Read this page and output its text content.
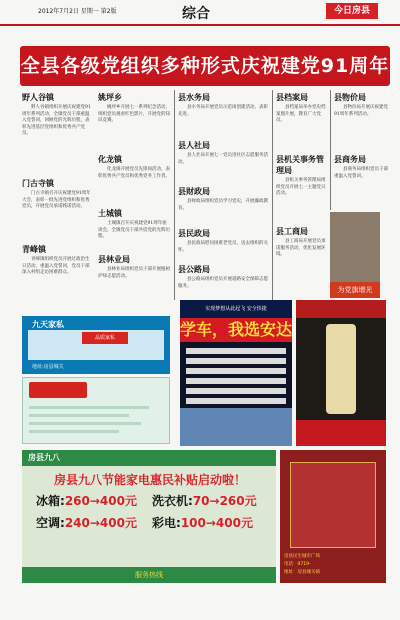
2012年7月2日 星期一 第2版	综合	今日房县
全县各级党组织多种形式庆祝建党91周年
野人谷镇

野人谷镇组织开展庆祝建党91周年系列活动，全镇党员干部重温入党誓词，回顾党的光辉历程，表彰先进基层党组织和优秀共产党员。

门古寺镇

门古寺镇召开庆祝建党91周年大会，表彰一批先进党组织和优秀党员，开展党员承诺践诺活动。

青峰镇

青峰镇组织党员开展过政治生日活动，重温入党誓词，党员干部深入村组走访困难群众。

姚坪乡

姚坪乡开展七一系列纪念活动，组织党员观看红色影片，开展党的知识竞赛。

化龙镇

化龙镇开展党员先锋岗活动，表彰优秀共产党员和优秀党务工作者。

土城镇

土城镇召开庆祝建党91周年座谈会，全镇党员干部共话党的光辉历程。

县林业局

县林业局组织党员干部开展植树护绿志愿活动。

县水务局

县水务局开展党员示范岗创建活动，表彰先进。

县人社局

县人社局开展七一党员进社区志愿服务活动。

县财政局

县财政局组织党员学习党史，开展廉政教育。

县民政局

县民政局慰问困难老党员，送去组织的关怀。

县公路局

县公路局组织党员开展道路安全保障志愿服务。

县档案局

县档案局举办党史档案图片展，教育广大党员。

县机关事务管理局

县机关事务管理局组织党员开展七一主题党日活动。

县工商局

县工商局开展党员承诺服务活动，优化发展环境。

县物价局

县物价局开展庆祝建党91周年系列活动。

县商务局

县商务局组织党员干部重温入党誓词。

为党旗增光
九天家私
品质家私
地址:房县城关
实现梦想从此起飞 安全快捷
学车，我选安达
房县九八
房县九八节能家电惠民补贴启动啦！
冰箱:260→400元 洗衣机:70→260元
空调:240→400元 彩电:100→400元
服务热线
房县民生城市广场
电话：0719-
地址：房县城关镇
